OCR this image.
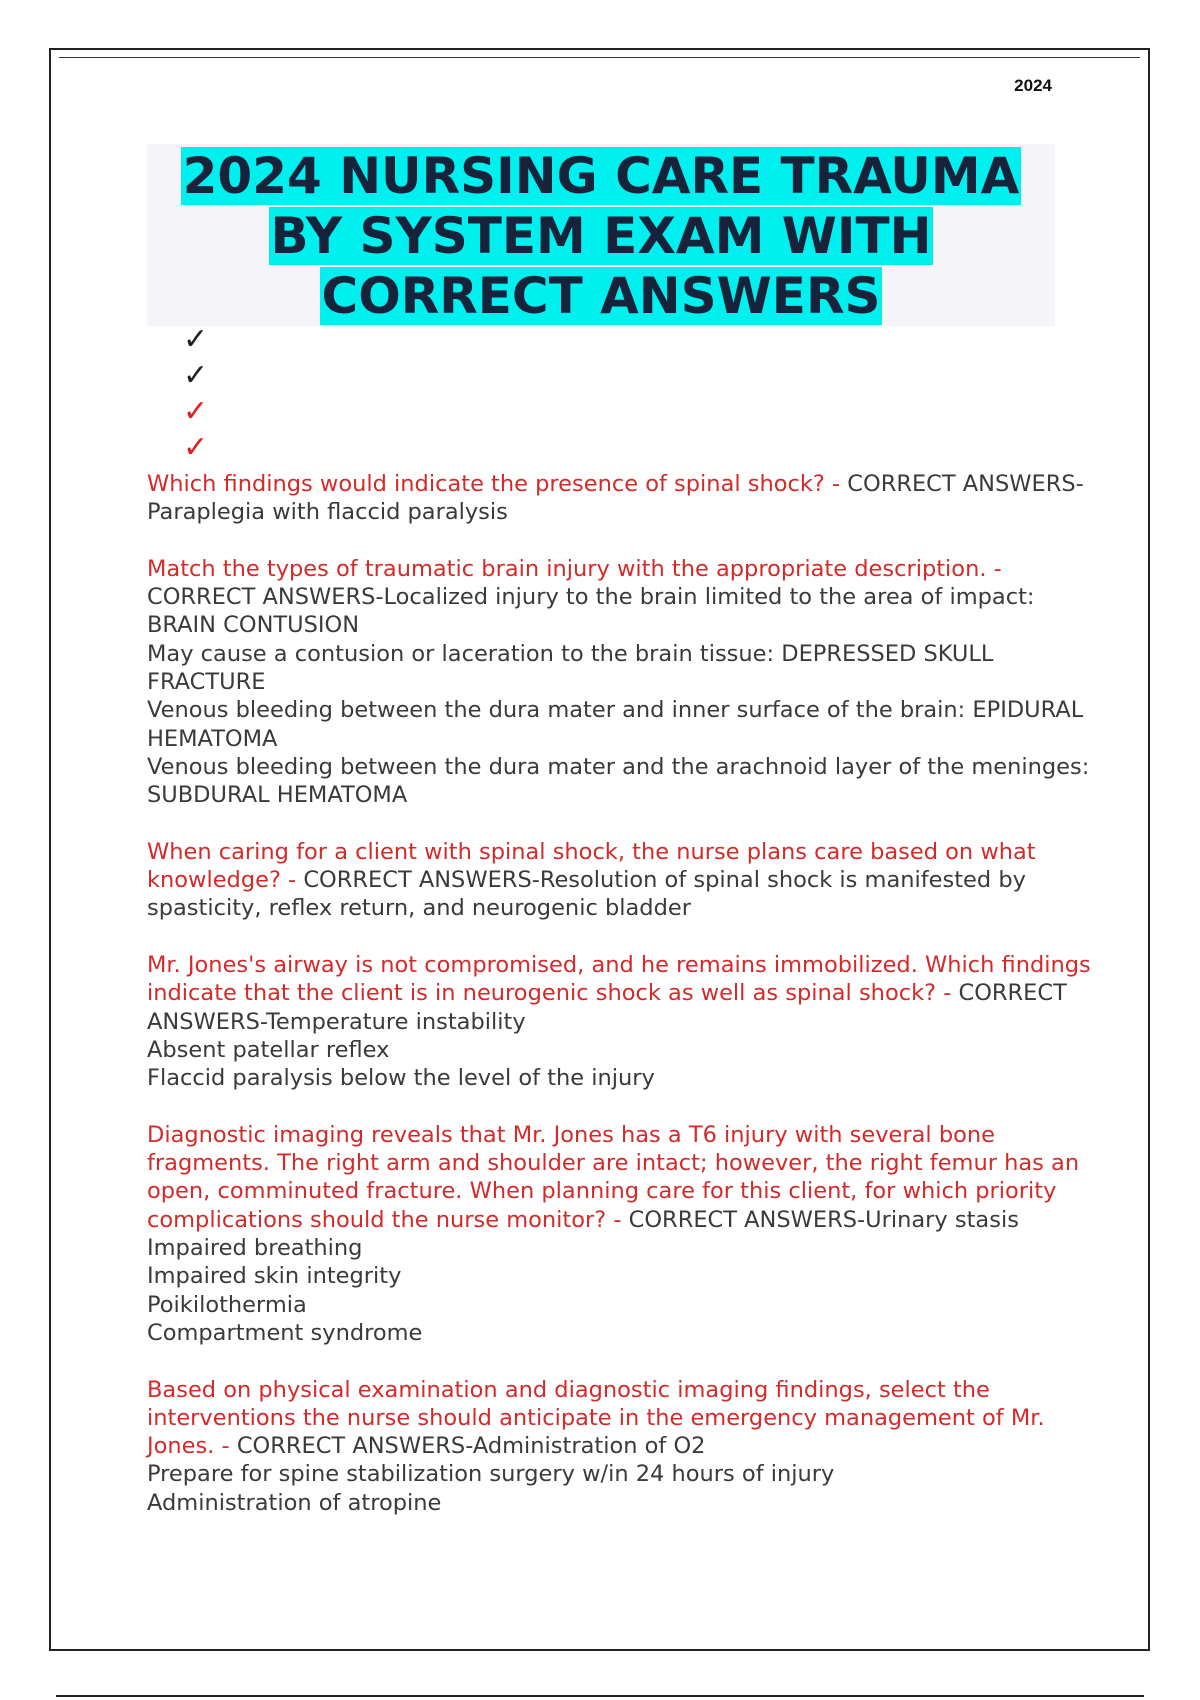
2024
2024 NURSING CARE TRAUMA BY SYSTEM EXAM WITH CORRECT ANSWERS
✓
✓
✓
✓
Which findings would indicate the presence of spinal shock? - CORRECT ANSWERS-Paraplegia with flaccid paralysis
Match the types of traumatic brain injury with the appropriate description. - CORRECT ANSWERS-Localized injury to the brain limited to the area of impact: BRAIN CONTUSION
May cause a contusion or laceration to the brain tissue: DEPRESSED SKULL FRACTURE
Venous bleeding between the dura mater and inner surface of the brain: EPIDURAL HEMATOMA
Venous bleeding between the dura mater and the arachnoid layer of the meninges: SUBDURAL HEMATOMA
When caring for a client with spinal shock, the nurse plans care based on what knowledge? - CORRECT ANSWERS-Resolution of spinal shock is manifested by spasticity, reflex return, and neurogenic bladder
Mr. Jones's airway is not compromised, and he remains immobilized. Which findings indicate that the client is in neurogenic shock as well as spinal shock? - CORRECT ANSWERS-Temperature instability
Absent patellar reflex
Flaccid paralysis below the level of the injury
Diagnostic imaging reveals that Mr. Jones has a T6 injury with several bone fragments. The right arm and shoulder are intact; however, the right femur has an open, comminuted fracture. When planning care for this client, for which priority complications should the nurse monitor? - CORRECT ANSWERS-Urinary stasis
Impaired breathing
Impaired skin integrity
Poikilothermia
Compartment syndrome
Based on physical examination and diagnostic imaging findings, select the interventions the nurse should anticipate in the emergency management of Mr. Jones. - CORRECT ANSWERS-Administration of O2
Prepare for spine stabilization surgery w/in 24 hours of injury
Administration of atropine
